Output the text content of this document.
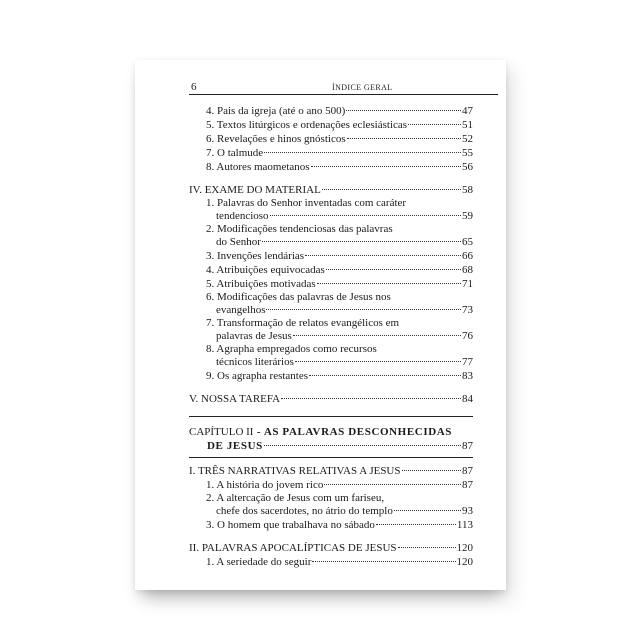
6	ÍNDICE GERAL
4. Pais da igreja (até o ano 500)	47
5. Textos litúrgicos e ordenações eclesiásticas	51
6. Revelações e hinos gnósticos	52
7. O talmude	55
8. Autores maometanos	56
IV. EXAME DO MATERIAL	58
1. Palavras do Senhor inventadas com caráter
tendencioso	59
2. Modificações tendenciosas das palavras
do Senhor	65
3. Invenções lendárias	66
4. Atribuições equivocadas	68
5. Atribuições motivadas	71
6. Modificações das palavras de Jesus nos
evangelhos	73
7. Transformação de relatos evangélicos em
palavras de Jesus	76
8. Agrapha empregados como recursos
técnicos literários	77
9. Os agrapha restantes	83
V. NOSSA TAREFA	84
CAPÍTULO II - AS PALAVRAS DESCONHECIDAS
DE JESUS	87
I. TRÊS NARRATIVAS RELATIVAS A JESUS	87
1. A história do jovem rico	87
2. A altercação de Jesus com um fariseu,
chefe dos sacerdotes, no átrio do templo	93
3. O homem que trabalhava no sábado	113
II. PALAVRAS APOCALÍPTICAS DE JESUS	120
1. A seriedade do seguir	120
